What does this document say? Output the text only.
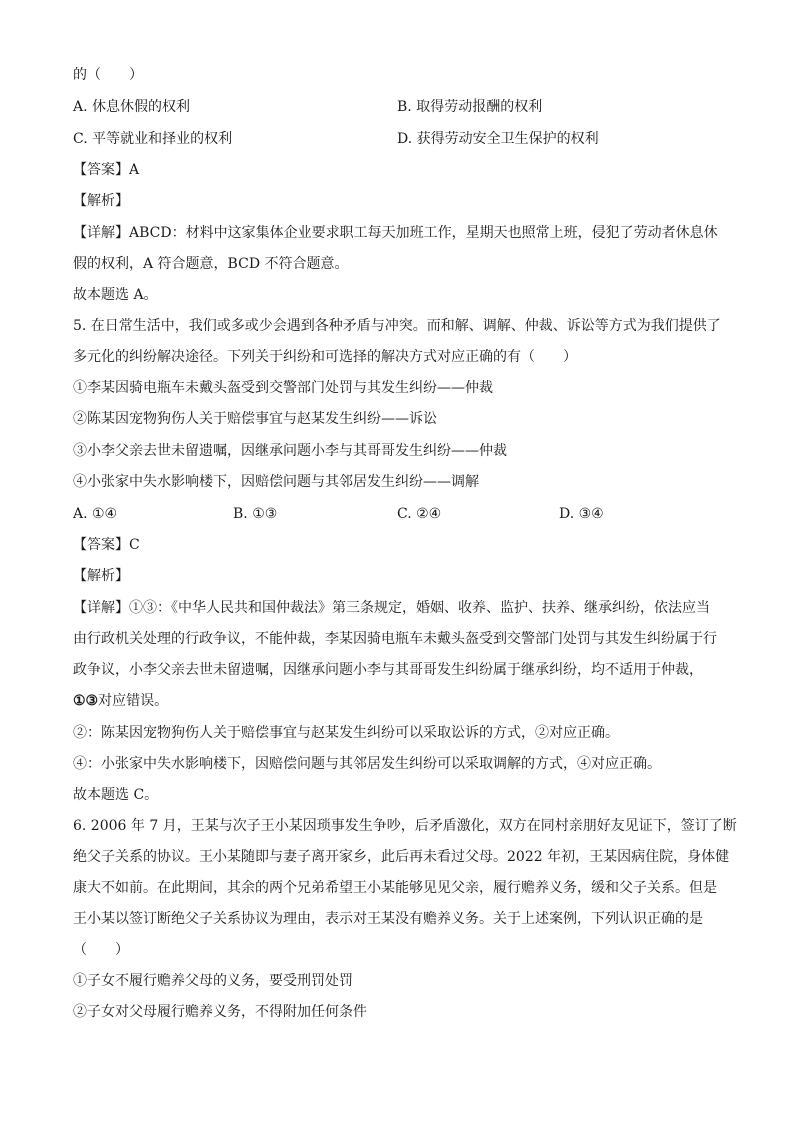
的（　　）
A. 休息休假的权利	B. 取得劳动报酬的权利
C. 平等就业和择业的权利	D. 获得劳动安全卫生保护的权利
【答案】A
【解析】
【详解】ABCD：材料中这家集体企业要求职工每天加班工作，星期天也照常上班，侵犯了劳动者休息休
假的权利，A 符合题意，BCD 不符合题意。
故本题选 A。
5. 在日常生活中，我们或多或少会遇到各种矛盾与冲突。而和解、调解、仲裁、诉讼等方式为我们提供了
多元化的纠纷解决途径。下列关于纠纷和可选择的解决方式对应正确的有（　　）
①李某因骑电瓶车未戴头盔受到交警部门处罚与其发生纠纷——仲裁
②陈某因宠物狗伤人关于赔偿事宜与赵某发生纠纷——诉讼
③小李父亲去世未留遗嘱，因继承问题小李与其哥哥发生纠纷——仲裁
④小张家中失水影响楼下，因赔偿问题与其邻居发生纠纷——调解
A. ①④	B. ①③	C. ②④	D. ③④
【答案】C
【解析】
【详解】①③：《中华人民共和国仲裁法》第三条规定，婚姻、收养、监护、扶养、继承纠纷，依法应当
由行政机关处理的行政争议，不能仲裁，李某因骑电瓶车未戴头盔受到交警部门处罚与其发生纠纷属于行
政争议，小李父亲去世未留遗嘱，因继承问题小李与其哥哥发生纠纷属于继承纠纷，均不适用于仲裁，
①③对应错误。
②：陈某因宠物狗伤人关于赔偿事宜与赵某发生纠纷可以采取讼诉的方式，②对应正确。
④：小张家中失水影响楼下，因赔偿问题与其邻居发生纠纷可以采取调解的方式，④对应正确。
故本题选 C。
6. 2006 年 7 月，王某与次子王小某因琐事发生争吵，后矛盾激化，双方在同村亲朋好友见证下，签订了断
绝父子关系的协议。王小某随即与妻子离开家乡，此后再未看过父母。2022 年初，王某因病住院，身体健
康大不如前。在此期间，其余的两个兄弟希望王小某能够见见父亲，履行赡养义务，缓和父子关系。但是
王小某以签订断绝父子关系协议为理由，表示对王某没有赡养义务。关于上述案例，下列认识正确的是
（　　）
①子女不履行赡养父母的义务，要受刑罚处罚
②子女对父母履行赡养义务，不得附加任何条件
